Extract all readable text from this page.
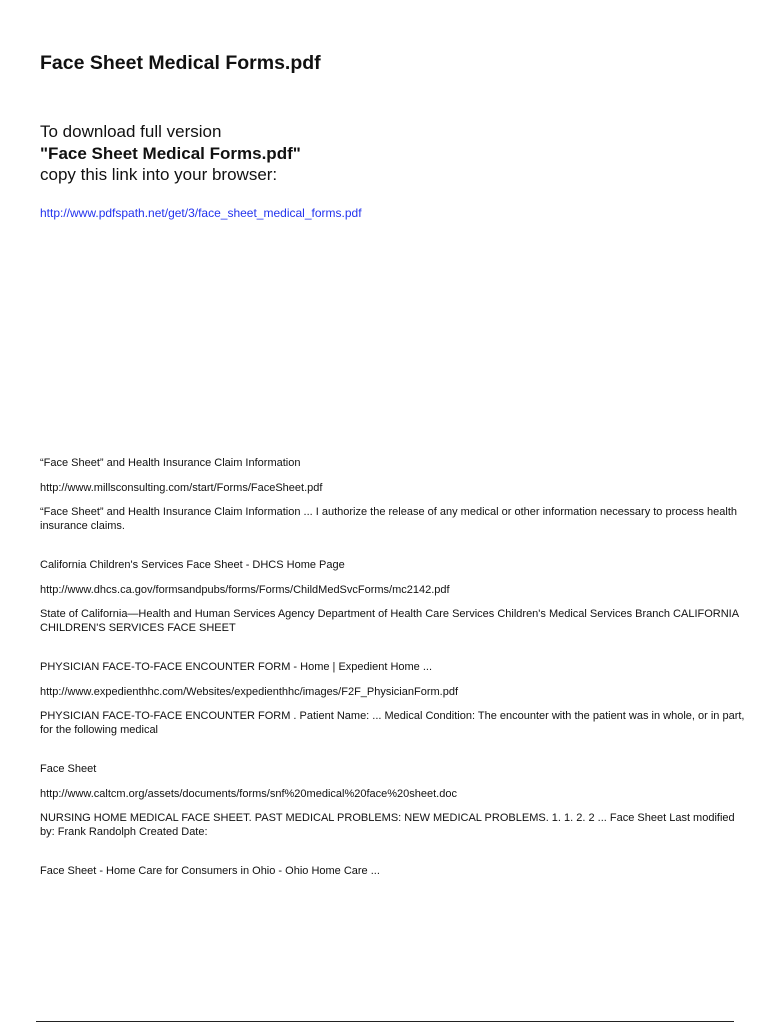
Face Sheet Medical Forms.pdf
To download full version
"Face Sheet Medical Forms.pdf"
copy this link into your browser:
http://www.pdfspath.net/get/3/face_sheet_medical_forms.pdf
“Face Sheet” and Health Insurance Claim Information
http://www.millsconsulting.com/start/Forms/FaceSheet.pdf
“Face Sheet” and Health Insurance Claim Information ... I authorize the release of any medical or other information necessary to process health insurance claims.
California Children's Services Face Sheet - DHCS Home Page
http://www.dhcs.ca.gov/formsandpubs/forms/Forms/ChildMedSvcForms/mc2142.pdf
State of California—Health and Human Services Agency Department of Health Care Services Children's Medical Services Branch CALIFORNIA CHILDREN'S SERVICES FACE SHEET
PHYSICIAN FACE-TO-FACE ENCOUNTER FORM - Home | Expedient Home ...
http://www.expedienthhc.com/Websites/expedienthhc/images/F2F_PhysicianForm.pdf
PHYSICIAN FACE-TO-FACE ENCOUNTER FORM . Patient Name: ... Medical Condition: The encounter with the patient was in whole, or in part, for the following medical
Face Sheet
http://www.caltcm.org/assets/documents/forms/snf%20medical%20face%20sheet.doc
NURSING HOME MEDICAL FACE SHEET. PAST MEDICAL PROBLEMS: NEW MEDICAL PROBLEMS. 1. 1. 2. 2 ... Face Sheet Last modified by: Frank Randolph Created Date:
Face Sheet - Home Care for Consumers in Ohio - Ohio Home Care ...
